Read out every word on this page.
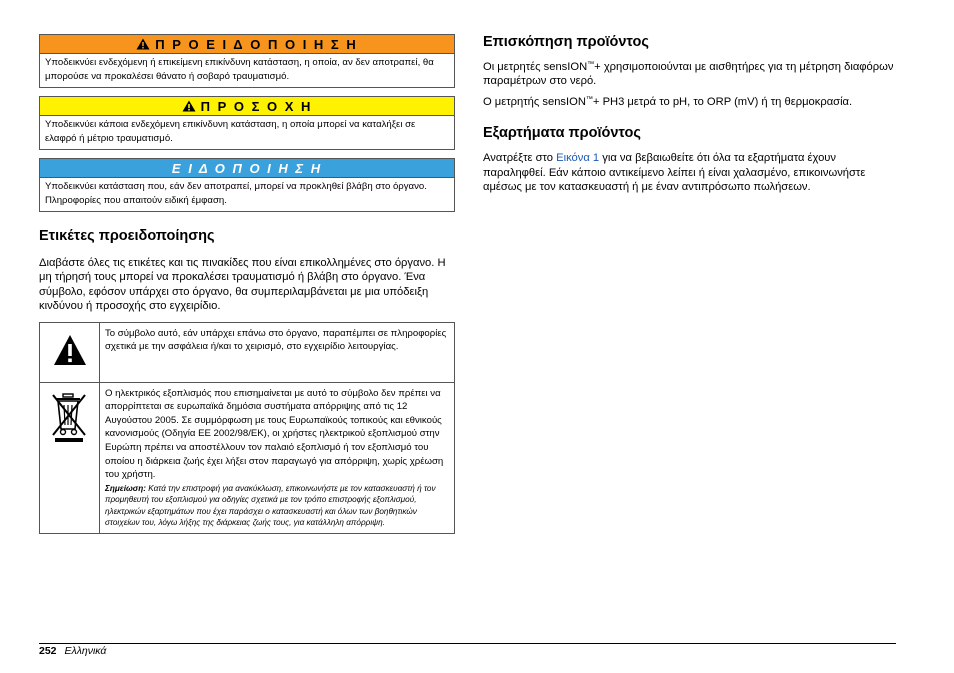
Π Ρ Ο Ε Ι Δ Ο Π Ο Ι Η Σ Η
Υποδεικνύει ενδεχόμενη ή επικείμενη επικίνδυνη κατάσταση, η οποία, αν δεν αποτραπεί, θα μπορούσε να προκαλέσει θάνατο ή σοβαρό τραυματισμό.
Π Ρ Ο Σ Ο Χ Η
Υποδεικνύει κάποια ενδεχόμενη επικίνδυνη κατάσταση, η οποία μπορεί να καταλήξει σε ελαφρό ή μέτριο τραυματισμό.
Ε Ι Δ Ο Π Ο Ι Η Σ Η
Υποδεικνύει κατάσταση που, εάν δεν αποτραπεί, μπορεί να προκληθεί βλάβη στο όργανο. Πληροφορίες που απαιτούν ειδική έμφαση.
Ετικέτες προειδοποίησης

Διαβάστε όλες τις ετικέτες και τις πινακίδες που είναι επικολλημένες στο όργανο. Η μη τήρησή τους μπορεί να προκαλέσει τραυματισμό ή βλάβη στο όργανο. Ένα σύμβολο, εφόσον υπάρχει στο όργανο, θα συμπεριλαμβάνεται με μια υπόδειξη κινδύνου ή προσοχής στο εγχειρίδιο.

	Το σύμβολο αυτό, εάν υπάρχει επάνω στο όργανο, παραπέμπει σε πληροφορίες σχετικά με την ασφάλεια ή/και το χειρισμό, στο εγχειρίδιο λειτουργίας.

Ο ηλεκτρικός εξοπλισμός που επισημαίνεται με αυτό το σύμβολο δεν πρέπει να απορρίπτεται σε ευρωπαϊκά δημόσια συστήματα απόρριψης από τις 12 Αυγούστου 2005. Σε συμμόρφωση με τους Ευρωπαϊκούς τοπικούς και εθνικούς κανονισμούς (Οδηγία ΕΕ 2002/98/ΕΚ), οι χρήστες ηλεκτρικού εξοπλισμού στην Ευρώπη πρέπει να αποστέλλουν τον παλαιό εξοπλισμό ή τον εξοπλισμό του οποίου η διάρκεια ζωής έχει λήξει στον παραγωγό για απόρριψη, χωρίς χρέωση του χρήστη.
Σημείωση: Κατά την επιστροφή για ανακύκλωση, επικοινωνήστε με τον κατασκευαστή ή τον προμηθευτή του εξοπλισμού για οδηγίες σχετικά με τον τρόπο επιστροφής εξοπλισμού, ηλεκτρικών εξαρτημάτων που έχει παράσχει ο κατασκευαστή και όλων των βοηθητικών στοιχείων του, λόγω λήξης της διάρκειας ζωής τους, για κατάλληλη απόρριψη.
Επισκόπηση προϊόντος

Οι μετρητές sensION™+ χρησιμοποιούνται με αισθητήρες για τη μέτρηση διαφόρων παραμέτρων στο νερό.

Ο μετρητής sensION™+ PH3 μετρά το pH, το ORP (mV) ή τη θερμοκρασία.

Εξαρτήματα προϊόντος

Ανατρέξτε στο Εικόνα 1 για να βεβαιωθείτε ότι όλα τα εξαρτήματα έχουν παραληφθεί. Εάν κάποιο αντικείμενο λείπει ή είναι χαλασμένο, επικοινωνήστε αμέσως με τον κατασκευαστή ή με έναν αντιπρόσωπο πωλήσεων.

252 Ελληνικά
